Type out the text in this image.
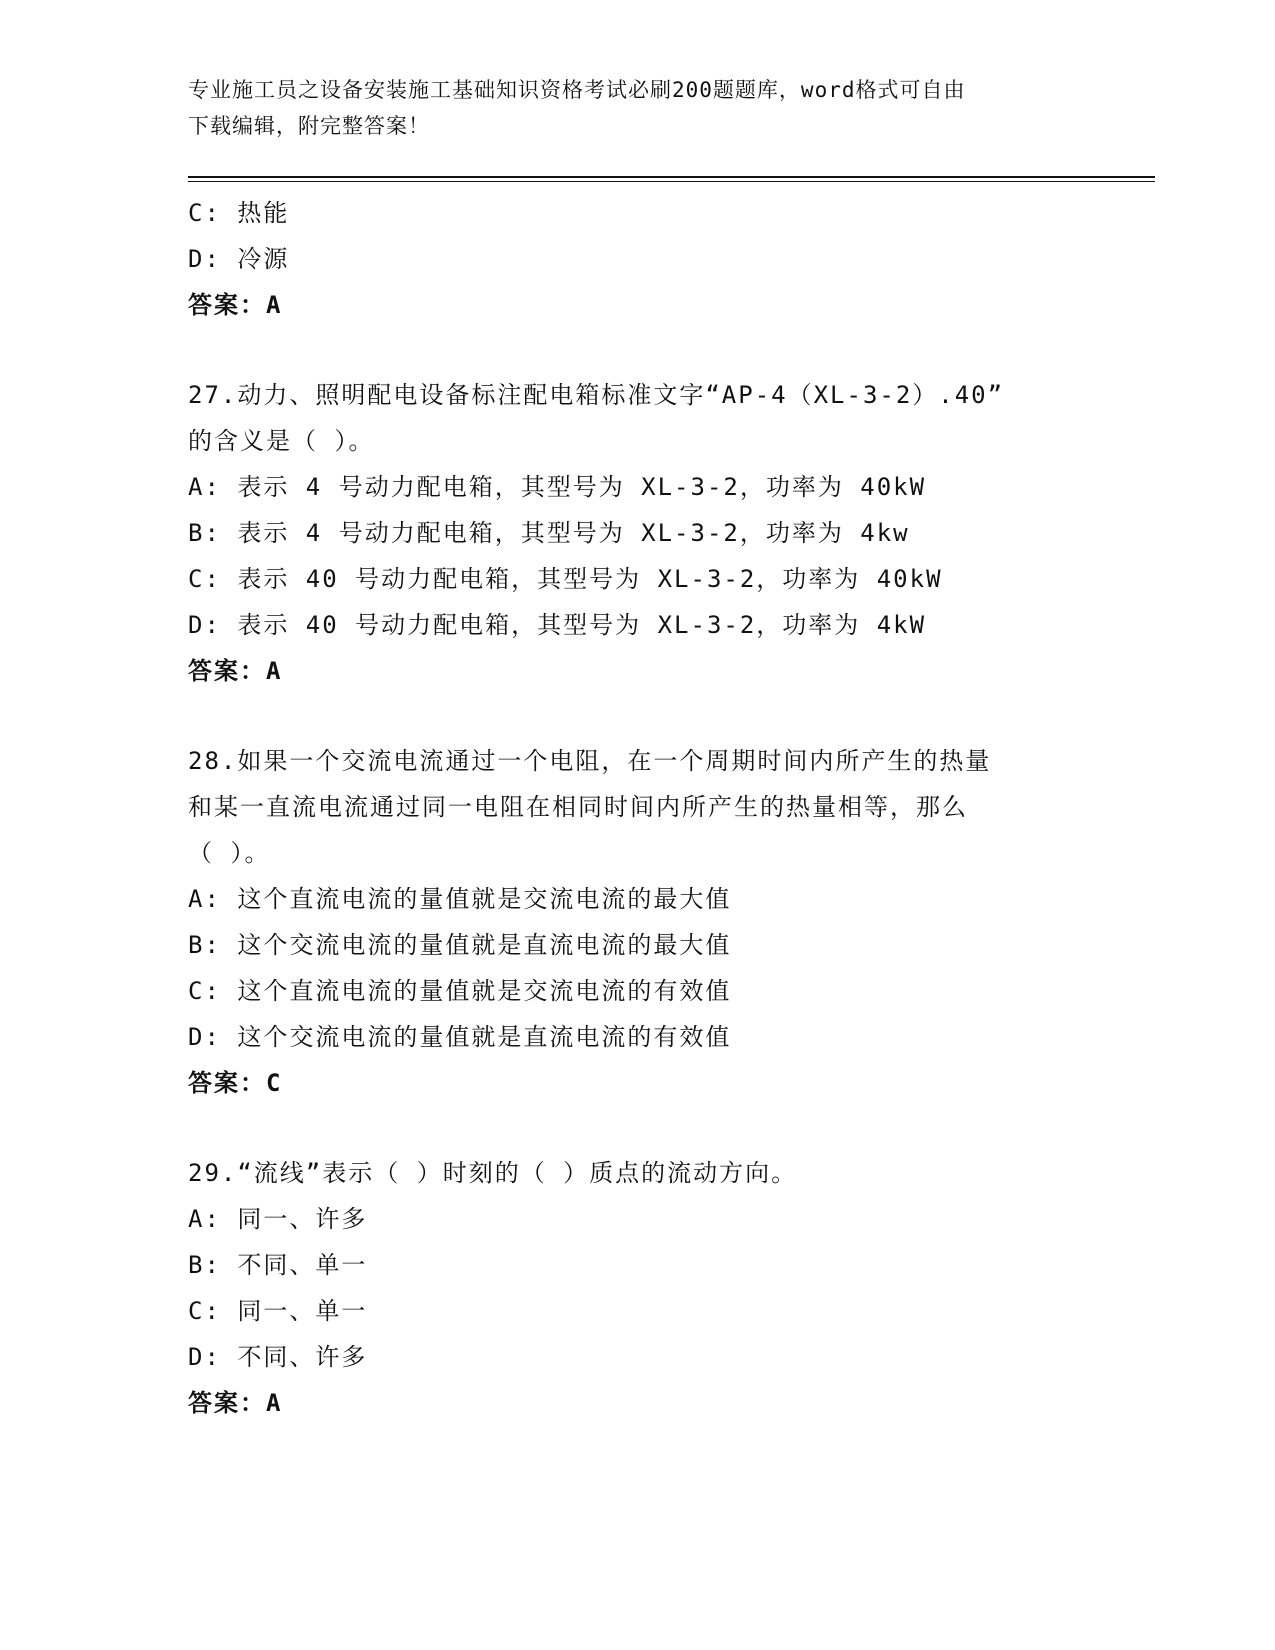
专业施工员之设备安装施工基础知识资格考试必刷200题题库，word格式可自由
下载编辑，附完整答案！
C: 热能
D: 冷源
答案：A
27.动力、照明配电设备标注配电箱标准文字“AP-4（XL-3-2）.40”
的含义是（ ）。
A: 表示 4 号动力配电箱，其型号为 XL-3-2，功率为 40kW
B: 表示 4 号动力配电箱，其型号为 XL-3-2，功率为 4kw
C: 表示 40 号动力配电箱，其型号为 XL-3-2，功率为 40kW
D: 表示 40 号动力配电箱，其型号为 XL-3-2，功率为 4kW
答案：A
28.如果一个交流电流通过一个电阻，在一个周期时间内所产生的热量
和某一直流电流通过同一电阻在相同时间内所产生的热量相等，那么
（ ）。
A: 这个直流电流的量值就是交流电流的最大值
B: 这个交流电流的量值就是直流电流的最大值
C: 这个直流电流的量值就是交流电流的有效值
D: 这个交流电流的量值就是直流电流的有效值
答案：C
29.“流线”表示（ ）时刻的（ ）质点的流动方向。
A: 同一、许多
B: 不同、单一
C: 同一、单一
D: 不同、许多
答案：A
